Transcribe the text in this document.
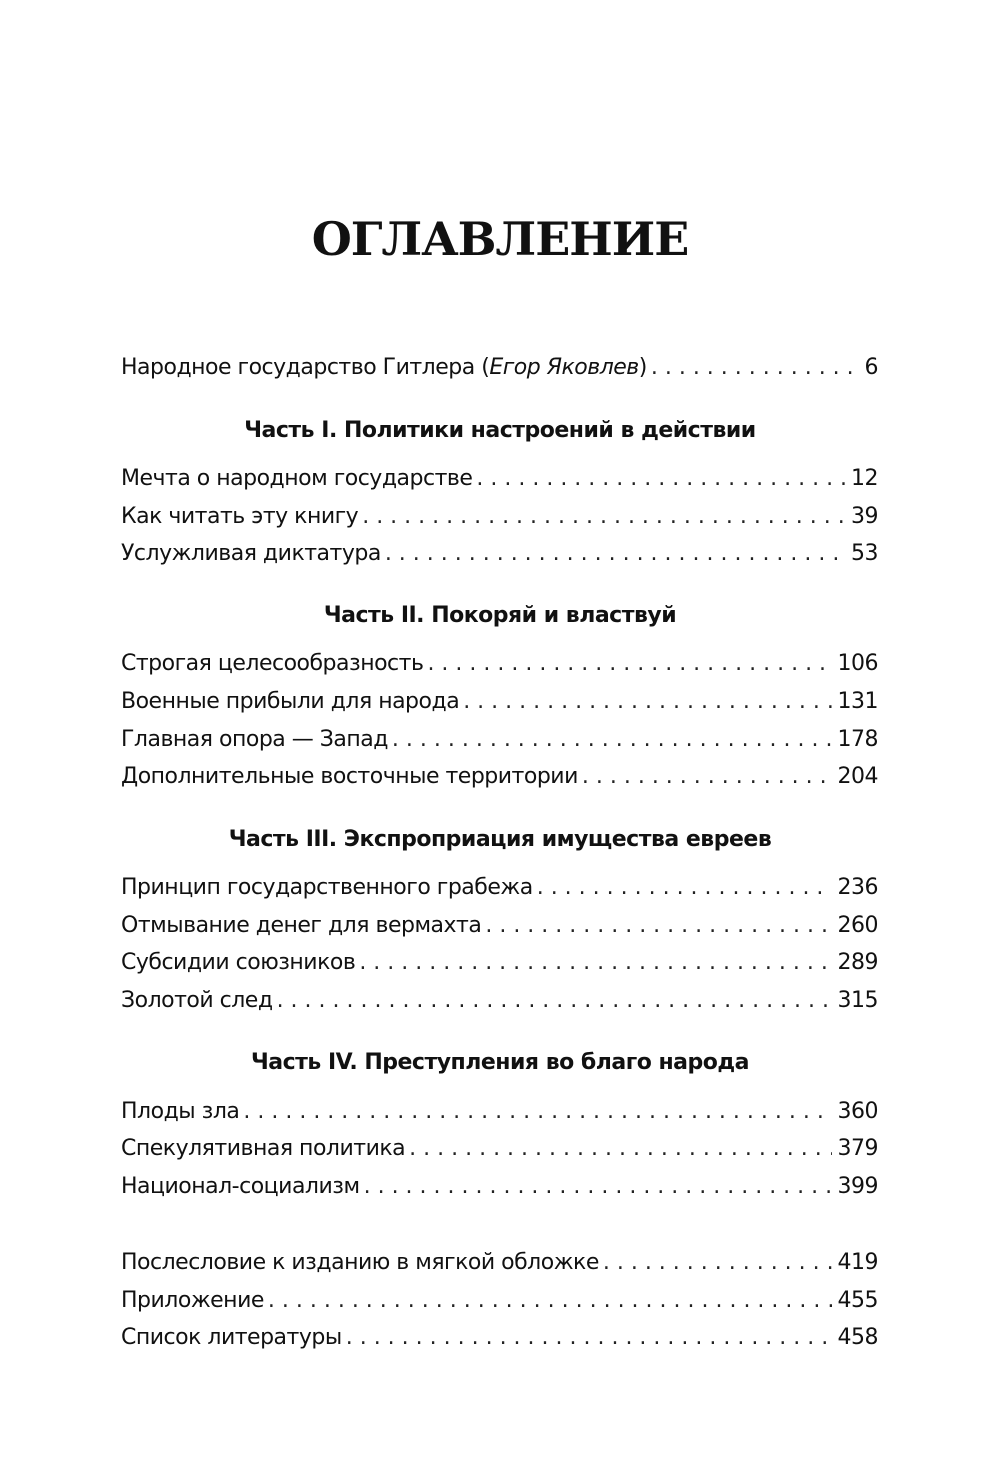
ОГЛАВЛЕНИЕ
Народное государство Гитлера (Егор Яковлев) . . .	6
Часть I. Политики настроений в действии
Мечта о народном государстве . . .	12
Как читать эту книгу . . .	39
Услужливая диктатура . . .	53
Часть II. Покоряй и властвуй
Строгая целесообразность . . .	106
Военные прибыли для народа . . .	131
Главная опора — Запад . . .	178
Дополнительные восточные территории . . .	204
Часть III. Экспроприация имущества евреев
Принцип государственного грабежа . . .	236
Отмывание денег для вермахта . . .	260
Субсидии союзников . . .	289
Золотой след . . .	315
Часть IV. Преступления во благо народа
Плоды зла . . .	360
Спекулятивная политика . . .	379
Национал-социализм . . .	399
Послесловие к изданию в мягкой обложке . . .	419
Приложение . . .	455
Список литературы . . .	458
